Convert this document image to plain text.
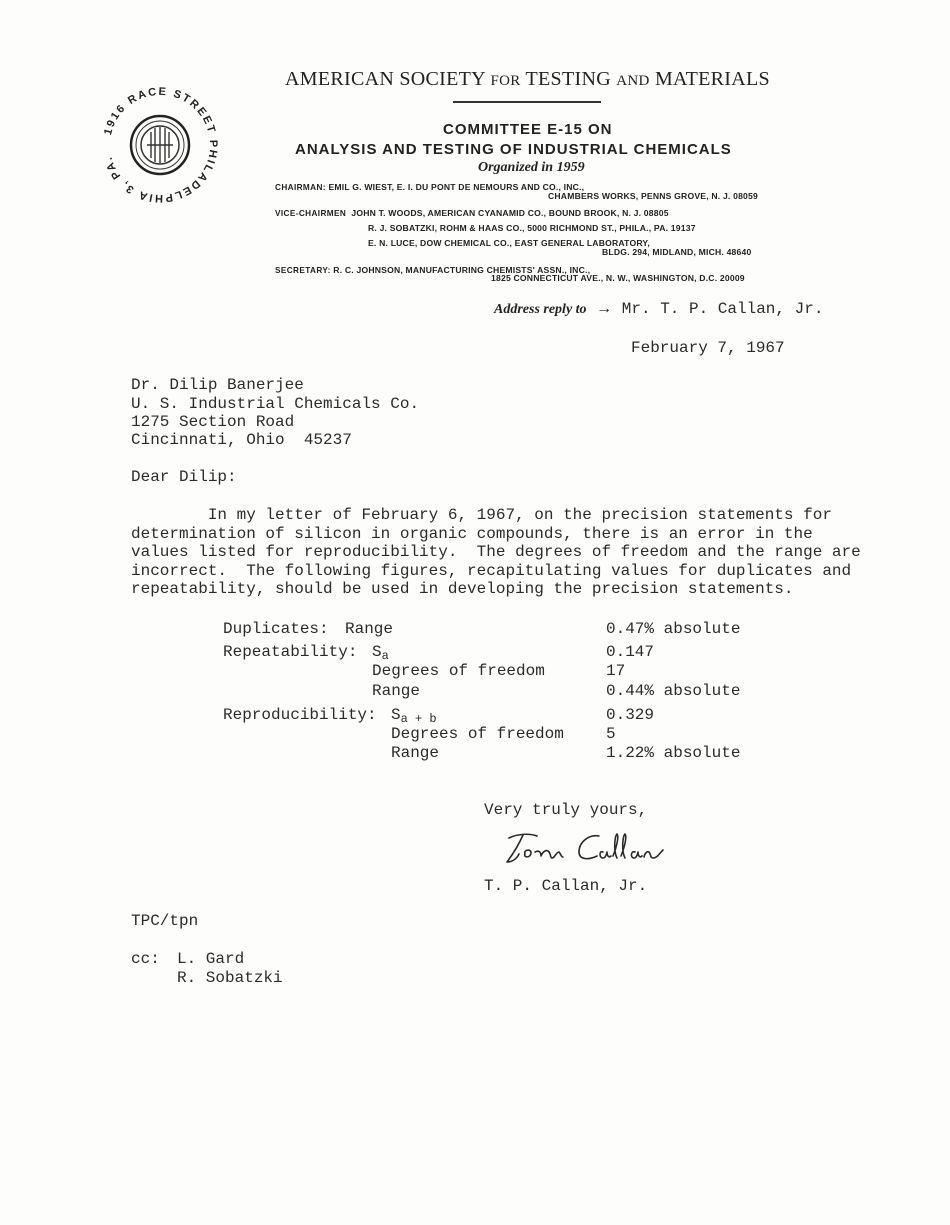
1916 RACE STREET PHILADELPHIA 3, PA.
AMERICAN SOCIETY FOR TESTING AND MATERIALS
COMMITTEE E-15 ON
ANALYSIS AND TESTING OF INDUSTRIAL CHEMICALS
Organized in 1959
CHAIRMAN: EMIL G. WIEST, E. I. DU PONT DE NEMOURS AND CO., INC.,
CHAMBERS WORKS, PENNS GROVE, N. J. 08059
VICE-CHAIRMEN JOHN T. WOODS, AMERICAN CYANAMID CO., BOUND BROOK, N. J. 08805
R. J. SOBATZKI, ROHM & HAAS CO., 5000 RICHMOND ST., PHILA., PA. 19137
E. N. LUCE, DOW CHEMICAL CO., EAST GENERAL LABORATORY,
BLDG. 294, MIDLAND, MICH. 48640
SECRETARY: R. C. JOHNSON, MANUFACTURING CHEMISTS' ASSN., INC.,
1825 CONNECTICUT AVE., N. W., WASHINGTON, D.C. 20009
Address reply to → Mr. T. P. Callan, Jr.
February 7, 1967
Dr. Dilip Banerjee
U. S. Industrial Chemicals Co.
1275 Section Road
Cincinnati, Ohio  45237
Dear Dilip:
In my letter of February 6, 1967, on the precision statements for
determination of silicon in organic compounds, there is an error in the
values listed for reproducibility.  The degrees of freedom and the range are
incorrect.  The following figures, recapitulating values for duplicates and
repeatability, should be used in developing the precision statements.
Duplicates: Range	0.47% absolute
Repeatability: $S_a$	0.147
Degrees of freedom	17
Range	0.44% absolute
Reproducibility: $S_{a + b}$	0.329
Degrees of freedom	5
Range	1.22% absolute
Very truly yours,
T. P. Callan, Jr.
TPC/tpn
cc: L. Gard
R. Sobatzki
